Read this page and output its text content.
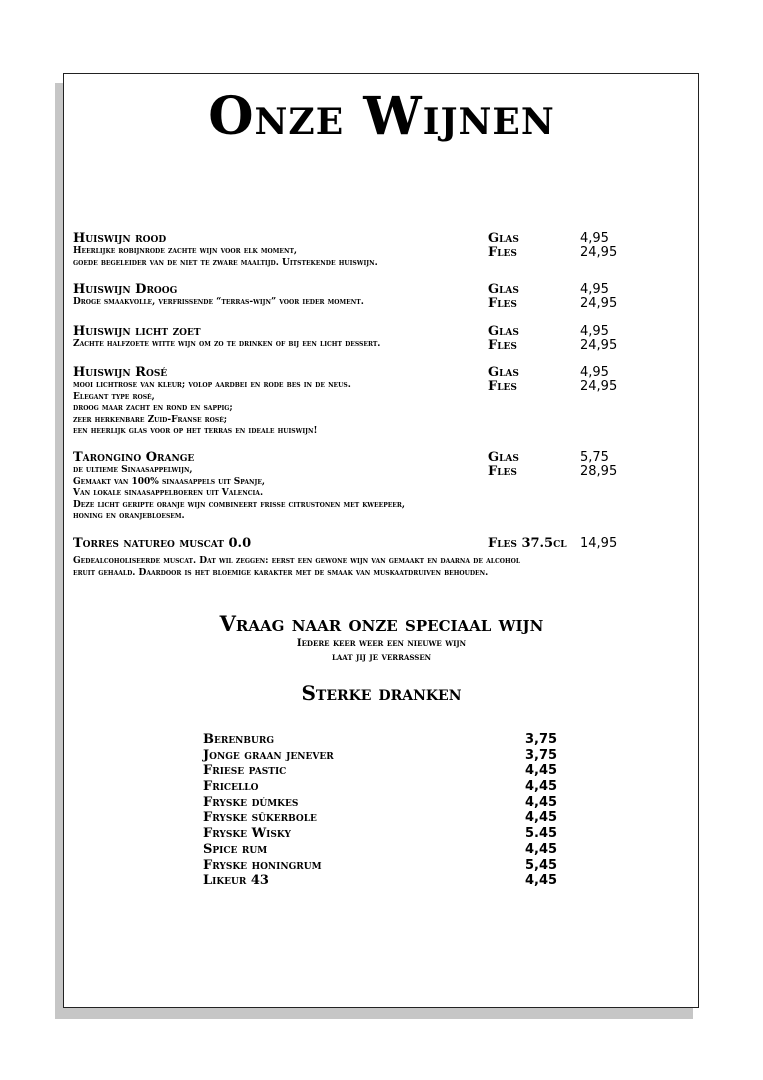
Onze Wijnen
Huiswijn rood
Heerlijke robijnrode zachte wijn voor elk moment,
goede begeleider van de niet te zware maaltijd. Uitstekende huiswijn.
Glas	4,95
Fles	24,95
Huiswijn Droog
Droge smaakvolle, verfrissende “terras-wijn” voor ieder moment.
Glas	4,95
Fles	24,95
Huiswijn licht zoet
Zachte halfzoete witte wijn om zo te drinken of bij een licht dessert.
Glas	4,95
Fles	24,95
Huiswijn Rosé
mooi lichtrose van kleur; volop aardbei en rode bes in de neus.
Elegant type rosé,
droog maar zacht en rond en sappig;
zeer herkenbare Zuid-Franse rosé;
een heerlijk glas voor op het terras en ideale huiswijn!
Glas	4,95
Fles	24,95
Tarongino Orange
de ultieme Sinaasappelwijn,
Gemaakt van 100% sinaasappels uit Spanje,
Van lokale sinaasappelboeren uit Valencia.
Deze licht geripte oranje wijn combineert frisse citrustonen met kweepeer,
honing en oranjebloesem.
Glas	5,75
Fles	28,95
Torres natureo muscat 0.0
Gedealcoholiseerde muscat. Dat wil zeggen: eerst een gewone wijn van gemaakt en daarna de alcohol
eruit gehaald. Daardoor is het bloemige karakter met de smaak van muskaatdruiven behouden.
Fles 37.5cl 14,95
Vraag naar onze speciaal wijn
Iedere keer weer een nieuwe wijn
laat jij je verrassen
Sterke dranken
Berenburg	3,75
Jonge graan jenever	3,75
Friese pastic	4,45
Fricello	4,45
Fryske dúmkes	4,45
Fryske sûkerbole	4,45
Fryske Wisky	5.45
Spice rum	4,45
Fryske honingrum	5,45
Likeur 43	4,45
